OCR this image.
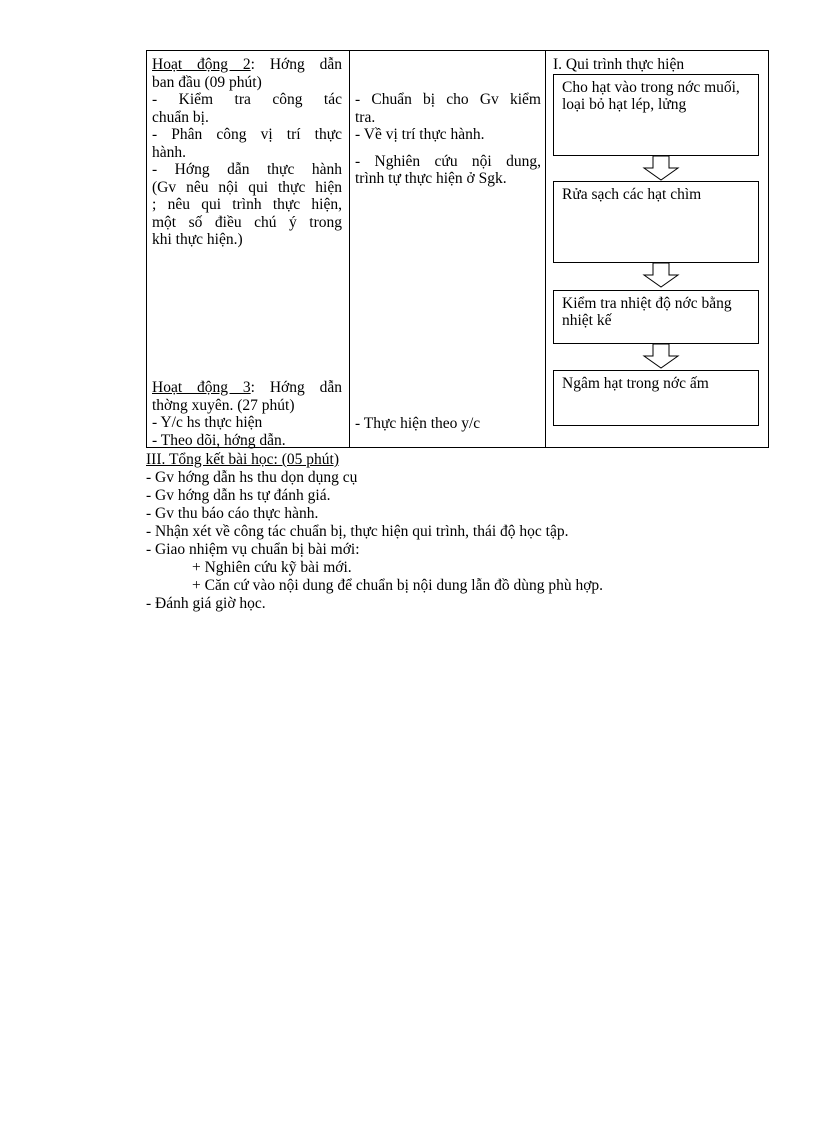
Hoạt động 2: Hớng dẫn
ban đầu (09 phút)
- Kiểm tra công tác
chuẩn bị.
- Phân công vị trí thực
hành.
- Hớng dẫn thực hành
(Gv nêu nội qui thực hiện
; nêu qui trình thực hiện,
một số điều chú ý trong
khi thực hiện.)
Hoạt động 3: Hớng dẫn
thờng xuyên. (27 phút)
- Y/c hs thực hiện
- Theo dõi, hớng dẫn.
- Chuẩn bị cho Gv kiểm
tra.
- Về vị trí thực hành.
- Nghiên cứu nội dung,
trình tự thực hiện ở Sgk.
- Thực hiện theo y/c
I. Qui trình thực hiện
Cho hạt vào trong nớc muối, loại bỏ hạt lép, lửng
Rửa sạch các hạt chìm
Kiểm tra nhiệt độ nớc bằng nhiệt kế
Ngâm hạt trong nớc ấm
III. Tổng kết bài học: (05 phút)
- Gv hớng dẫn hs thu dọn dụng cụ
- Gv hớng dẫn hs tự đánh giá.
- Gv thu báo cáo thực hành.
- Nhận xét về công tác chuẩn bị, thực hiện qui trình, thái độ học tập.
- Giao nhiệm vụ chuẩn bị bài mới:
+ Nghiên cứu kỹ bài mới.
+ Căn cứ vào nội dung để chuẩn bị nội dung lẫn đồ dùng phù hợp.
- Đánh giá giờ học.
